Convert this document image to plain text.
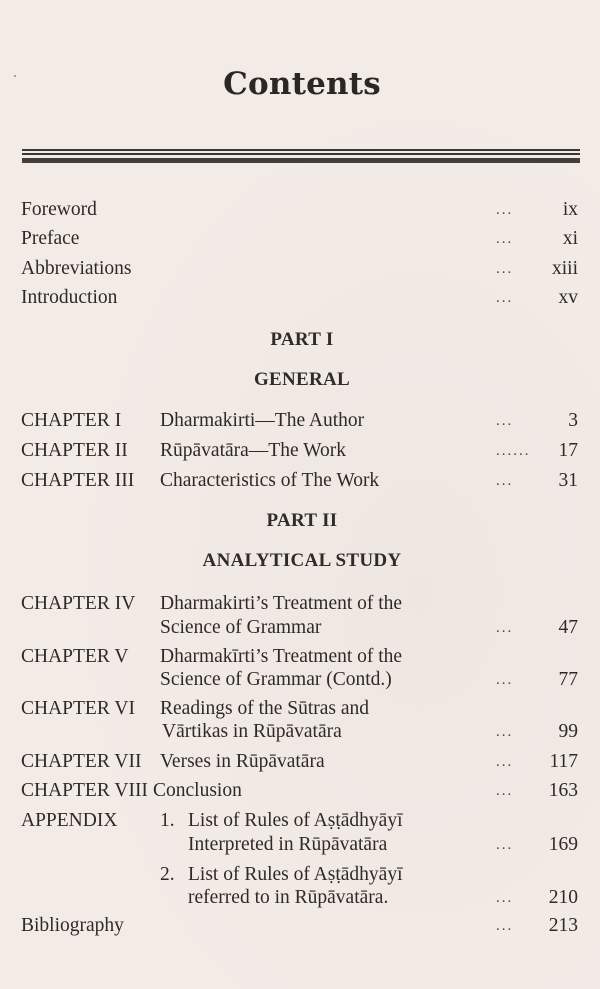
Contents
Foreword	...	ix
Preface	...	xi
Abbreviations	... xiii
Introduction	... xv
PART I
GENERAL
CHAPTER I Dharmakirti—The Author	...	3
CHAPTER II Rūpāvatāra—The Work	...... 17
CHAPTER III Characteristics of The Work	... 31
PART II
ANALYTICAL STUDY
CHAPTER IV Dharmakirti’s Treatment of the
Science of Grammar	... 47
CHAPTER V Dharmakīrti’s Treatment of the
Science of Grammar (Contd.)	... 77
CHAPTER VI Readings of the Sūtras and
Vārtikas in Rūpāvatāra	... 99
CHAPTER VII Verses in Rūpāvatāra	... 117
CHAPTER VIII Conclusion	... 163
APPENDIX 1. List of Rules of Aṣṭādhyāyī
Interpreted in Rūpāvatāra	... 169
2. List of Rules of Aṣṭādhyāyī
referred to in Rūpāvatāra.	... 210
Bibliography	... 213
